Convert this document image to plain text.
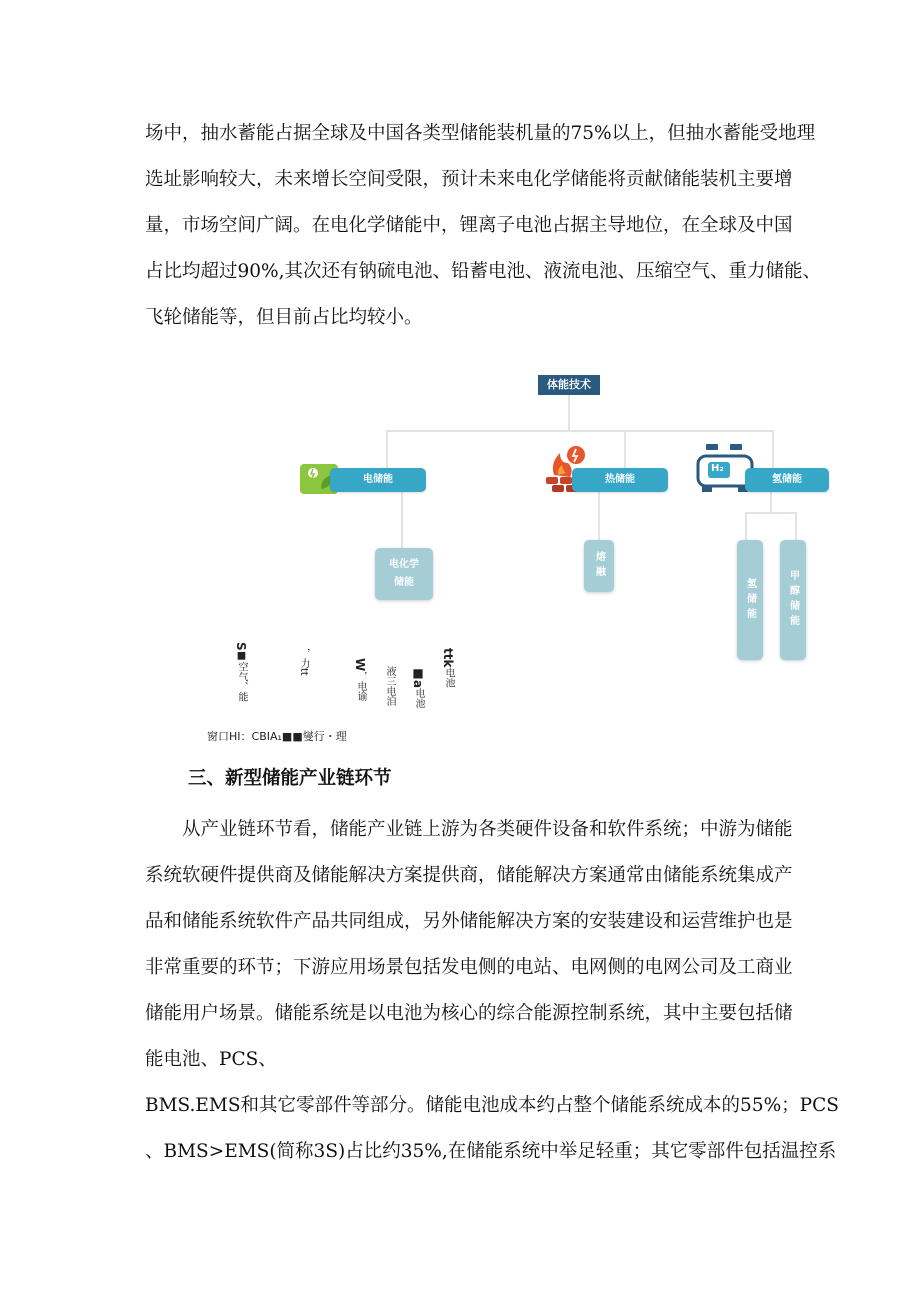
场中，抽水蓄能占据全球及中国各类型储能装机量的75%以上，但抽水蓄能受地理
选址影响较大，未来增长空间受限，预计未来电化学储能将贡献储能装机主要增
量，市场空间广阔。在电化学储能中，锂离子电池占据主导地位，在全球及中国
占比均超过90%,其次还有钠硫电池、铅蓄电池、液流电池、压缩空气、重力储能、
飞轮储能等，但目前占比均较小。
体能技术
电储能	热储能
H₂
氢储能
电化学储能
熔融
氢储能	甲醇储能
S■空气、能	，力tt	W，电谕 液三电洎 ■a电池
ttk电池
窗口HI：CBIA₁■■燮行・理
三、新型储能产业链环节
从产业链环节看，储能产业链上游为各类硬件设备和软件系统；中游为储能
系统软硬件提供商及储能解决方案提供商，储能解决方案通常由储能系统集成产
品和储能系统软件产品共同组成，另外储能解决方案的安装建设和运营维护也是
非常重要的环节；下游应用场景包括发电侧的电站、电网侧的电网公司及工商业
储能用户场景。储能系统是以电池为核心的综合能源控制系统，其中主要包括储
能电池、PCS、
BMS.EMS和其它零部件等部分。储能电池成本约占整个储能系统成本的55%；PCS
、BMS>EMS(简称3S)占比约35%,在储能系统中举足轻重；其它零部件包括温控系
